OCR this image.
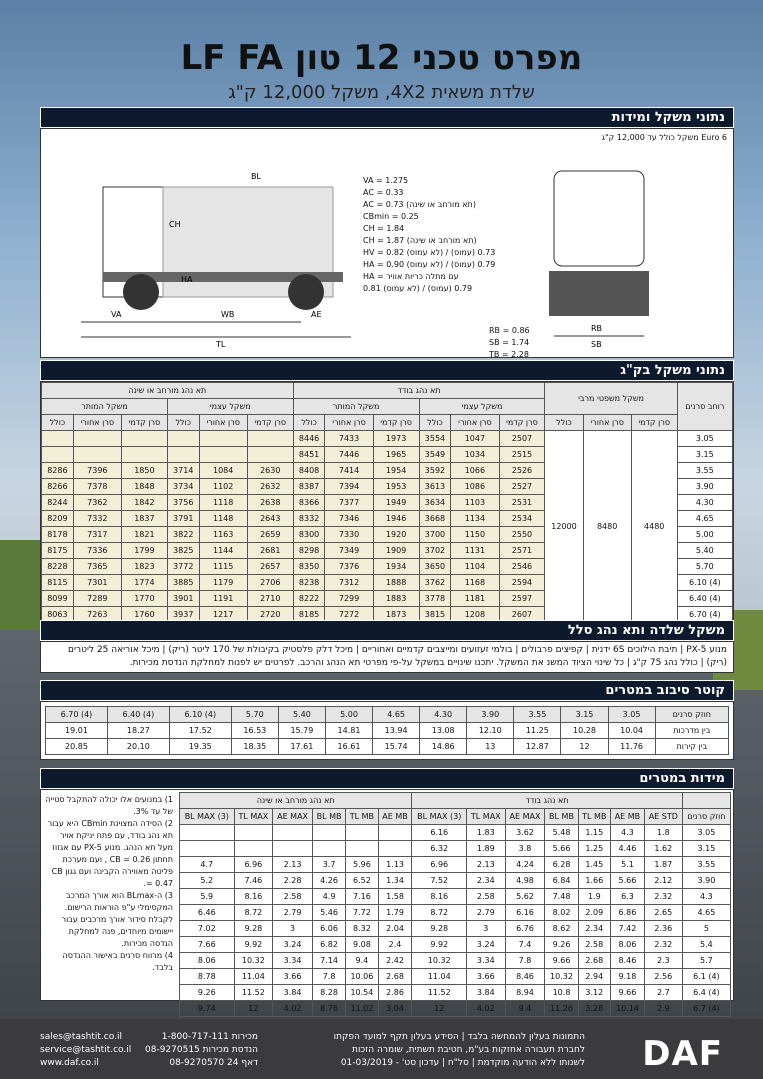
מפרט טכני 12 טון LF FA
שלדת משאית 4X2, משקל 12,000 ק"ג
נתוני משקל ומידות
Euro 6 משקל כולל עד 12,000 ק"ג
TL
WB
VA	AE
BL
CH
HA
VA = 1.275
AC = 0.33
AC = 0.73 (תא מורחב או שינה)
CBmin = 0.25
CH = 1.84
CH = 1.87 (תא מורחב או שינה)
HV = 0.82 (לא עמוס) / 0.73 (עמוס)
HA = 0.90 (לא עמוס) / 0.79 (עמוס)
HA = עם מתלה כריות אוויר
0.81 (לא עמוס) / 0.79 (עמוס)
RB
SB
RB = 0.86
SB = 1.74
TB = 2.28
נתוני משקל בק"ג
תא נהג מורחב או שינה						תא נהג בודד						משקל משפטי מרבי			רוחב סרנים
משקל המותר			משקל עצמי			משקל המותר			משקל עצמי						
כולל	סרן אחורי	סרן קדמי	כולל	סרן אחורי	סרן קדמי	כולל	סרן אחורי	סרן קדמי	כולל	סרן אחורי	סרן קדמי	כולל	סרן אחורי	סרן קדמי	
						8446	7433	1973	3554	1047	2507	12000	8480	4480	3.05
						8451	7446	1965	3549	1034	2515				3.15
8286	7396	1850	3714	1084	2630	8408	7414	1954	3592	1066	2526				3.55
8266	7378	1848	3734	1102	2632	8387	7394	1953	3613	1086	2527				3.90
8244	7362	1842	3756	1118	2638	8366	7377	1949	3634	1103	2531				4.30
8209	7332	1837	3791	1148	2643	8332	7346	1946	3668	1134	2534				4.65
8178	7317	1821	3822	1163	2659	8300	7330	1920	3700	1150	2550				5.00
8175	7336	1799	3825	1144	2681	8298	7349	1909	3702	1131	2571				5.40
8228	7365	1823	3772	1115	2657	8350	7376	1934	3650	1104	2546				5.70
8115	7301	1774	3885	1179	2706	8238	7312	1888	3762	1168	2594				6.10 (4)
8099	7289	1770	3901	1191	2710	8222	7299	1883	3778	1181	2597				6.40 (4)
8063	7263	1760	3937	1217	2720	8185	7272	1873	3815	1208	2607				6.70 (4)
משקל שלדה ותא נהג סלל
מנוע PX-5 | תיבת הילוכים 6S ידנית | קפיצים פרבולים | בולמי זעזועים ומייצבים קדמיים ואחוריים | מיכל דלק פלסטיק בקיבולת של 170 ליטר (ריק) | מיכל אוריאה 25 ליטרים (ריק) | כולל נהג 75 ק"ג | כל שינוי הציוד המשנ את המשקל. יתכנו שינויים במשקל על-פי מפרטי תא הנהג והרכב. לפרטים יש לפנות למחלקת הנדסת מכירות.
קוטר סיבוב במטרים
6.70 (4)	6.40 (4)	6.10 (4)	5.70	5.40	5.00	4.65	4.30	3.90	3.55	3.15	3.05	חוזק סרנים
19.01	18.27	17.52	16.53	15.79	14.81	13.94	13.08	12.10	11.25	10.28	10.04	בין מדרכות
20.85	20.10	19.35	18.35	17.61	16.61	15.74	14.86	13	12.87	12	11.76	בין קירות
מידות במטרים
1) במנועים אלו יכולה להתקבל סטייה של עד 3%.
2) הסידה המצוינת CBmin היא עבור תא נהג בודד, עם פתח יניקת אויר מעל תא הנהג. מנוע PX-5 עם אגזוז תחתון CB = 0.26 , ועם מערכת פליטה מאווירה הקבינה ועם גגון CB = 0.47.
3) ה-BLmax הוא אורך המרכב המקסימלי ע"פ הוראות הרישום. לקבלת סידור אורך מרכבים עבור יישומים מיוחדים, פנה למחלקת הנדסה מכירות.
4) מרווח סרנים באישור ההנדסה בלבד.
תא נהג מורחב או שינה						תא נהג בודד							
BL MAX (3)	TL MAX	AE MAX	BL MB	TL MB	AE MB	BL MAX (3)	TL MAX	AE MAX	BL MB	TL MB	AE MB	AE STD	חוזק סרנים
						6.16	1.83	3.62	5.48	1.15	4.3	1.8	3.05
						6.32	1.89	3.8	5.66	1.25	4.46	1.62	3.15
4.7	6.96	2.13	3.7	5.96	1.13	6.96	2.13	4.24	6.28	1.45	5.1	1.87	3.55
5.2	7.46	2.28	4.26	6.52	1.34	7.52	2.34	4.98	6.84	1.66	5.66	2.12	3.90
5.9	8.16	2.58	4.9	7.16	1.58	8.16	2.58	5.62	7.48	1.9	6.3	2.32	4.3
6.46	8.72	2.79	5.46	7.72	1.79	8.72	2.79	6.16	8.02	2.09	6.86	2.65	4.65
7.02	9.28	3	6.06	8.32	2.04	9.28	3	6.76	8.62	2.34	7.42	2.36	5
7.66	9.92	3.24	6.82	9.08	2.4	9.92	3.24	7.4	9.26	2.58	8.06	2.32	5.4
8.06	10.32	3.34	7.14	9.4	2.42	10.32	3.34	7.8	9.66	2.68	8.46	2.3	5.7
8.78	11.04	3.66	7.8	10.06	2.68	11.04	3.66	8.46	10.32	2.94	9.18	2.56	6.1 (4)
9.26	11.52	3.84	8.28	10.54	2.86	11.52	3.84	8.94	10.8	3.12	9.66	2.7	6.4 (4)
9.74	12	4.02	8.76	11.02	3.04	12	4.02	9.4	11.26	3.28	10.14	2.9	6.7 (4)
sales@tashtit.co.il
service@tashtit.co.il
www.daf.co.il
מכירות 1-800-717-111
הנדסת מכירות 08-9270515
דאף 24 08-9270570
התמונות בעלון להמחשה בלבד | הסידע בעלון תקף למועד הפקתו
לחברת תעבורה אחזקות בע"מ, חטיבת תשתית, שומרה הזכות
לשנותו ללא הודעה מוקדמת | סל"ח | עדכון סט' - 01-03/2019 DAF
